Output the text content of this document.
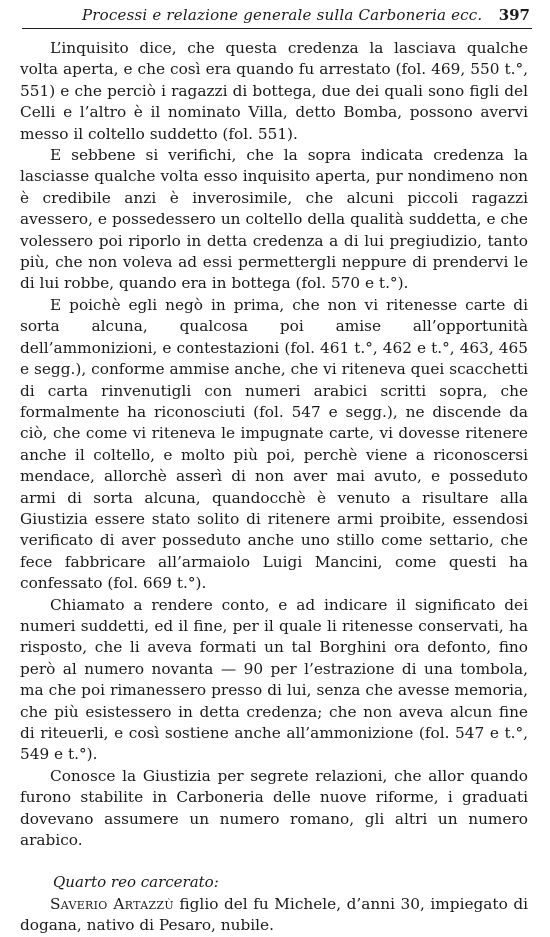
Processi e relazione generale sulla Carboneria ecc. 397

L’inquisito dice, che questa credenza la lasciava qualche volta aperta, e che così era quando fu arrestato (fol. 469, 550 t.°, 551) e che perciò i ragazzi di bottega, due dei quali sono figli del Celli e l’altro è il nominato Villa, detto Bomba, possono avervi messo il coltello suddetto (fol. 551).

E sebbene si verifichi, che la sopra indicata credenza la lasciasse qualche volta esso inquisito aperta, pur nondimeno non è credibile anzi è inverosimile, che alcuni piccoli ragazzi avessero, e possedessero un coltello della qualità suddetta, e che volessero poi riporlo in detta credenza a di lui pregiudizio, tanto più, che non voleva ad essi permettergli neppure di prendervi le di lui robbe, quando era in bottega (fol. 570 e t.°).

E poichè egli negò in prima, che non vi ritenesse carte di sorta alcuna, qualcosa poi amise all’opportunità dell’ammonizioni, e contestazioni (fol. 461 t.°, 462 e t.°, 463, 465 e segg.), conforme ammise anche, che vi riteneva quei scacchetti di carta rinvenutigli con numeri arabici scritti sopra, che formalmente ha riconosciuti (fol. 547 e segg.), ne discende da ciò, che come vi riteneva le impugnate carte, vi dovesse ritenere anche il coltello, e molto più poi, perchè viene a riconoscersi mendace, allorchè asserì di non aver mai avuto, e posseduto armi di sorta alcuna, quandocchè è venuto a risultare alla Giustizia essere stato solito di ritenere armi proibite, essendosi verificato di aver posseduto anche uno stillo come settario, che fece fabbricare all’armaiolo Luigi Mancini, come questi ha confessato (fol. 669 t.°).

Chiamato a rendere conto, e ad indicare il significato dei numeri suddetti, ed il fine, per il quale li ritenesse conservati, ha risposto, che li aveva formati un tal Borghini ora defonto, fino però al numero novanta — 90 per l’estrazione di una tombola, ma che poi rimanessero presso di lui, senza che avesse memoria, che più esistessero in detta credenza; che non aveva alcun fine di riteuerli, e così sostiene anche all’ammonizione (fol. 547 e t.°, 549 e t.°).

Conosce la Giustizia per segrete relazioni, che allor quando furono stabilite in Carboneria delle nuove riforme, i graduati dovevano assumere un numero romano, gli altri un numero arabico.

Quarto reo carcerato:

Saverio Artazzù figlio del fu Michele, d’anni 30, impiegato di dogana, nativo di Pesaro, nubile.
